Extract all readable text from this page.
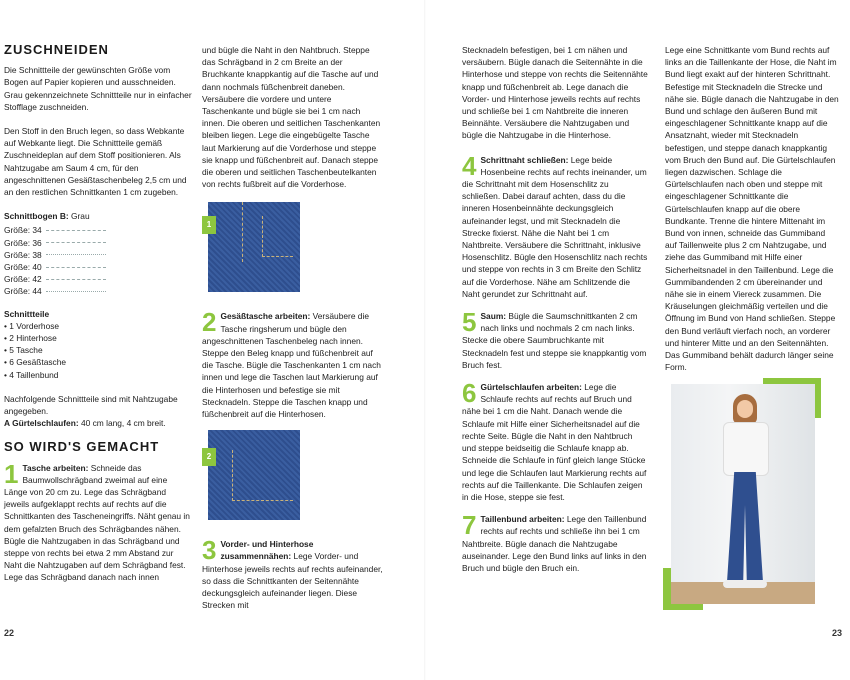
ZUSCHNEIDEN

Die Schnittteile der gewünschten Größe vom Bogen auf Papier kopieren und ausschneiden. Grau gekennzeichnete Schnittteile nur in einfacher Stofflage zuschneiden.

Den Stoff in den Bruch legen, so dass Webkante auf Webkante liegt. Die Schnittteile gemäß Zuschneideplan auf dem Stoff positionieren. Als Nahtzugabe am Saum 4 cm, für den angeschnittenen Gesäßtaschenbeleg 2,5 cm und an den restlichen Schnittkanten 1 cm zugeben.

Schnittbogen B: Grau
Größe: 34
Größe: 36
Größe: 38
Größe: 40
Größe: 42
Größe: 44
Schnittteile
• 1 Vorderhose
• 2 Hinterhose
• 5 Tasche
• 6 Gesäßtasche
• 4 Taillenbund
Nachfolgende Schnittteile sind mit Nahtzugabe angegeben.

A Gürtelschlaufen: 40 cm lang, 4 cm breit.

SO WIRD'S GEMACHT
1 Tasche arbeiten: Schneide das Baumwollschrägband zweimal auf eine Länge von 20 cm zu. Lege das Schrägband jeweils aufgeklappt rechts auf rechts auf die Schnittkanten des Tascheneingriffs. Näht genau in dem gefalzten Bruch des Schrägbandes nähen. Bügle die Nahtzugaben in das Schrägband und steppe von rechts bei etwa 2 mm Abstand zur Naht die Nahtzugaben auf dem Schrägband fest. Lege das Schrägband danach nach innen

und bügle die Naht in den Nahtbruch. Steppe das Schrägband in 2 cm Breite an der Bruchkante knappkantig auf die Tasche auf und dann nochmals füßchenbreit daneben. Versäubere die vordere und untere Taschenkante und bügle sie bei 1 cm nach innen. Die oberen und seitlichen Taschenkanten bleiben liegen. Lege die eingebügelte Tasche laut Markierung auf die Vorderhose und steppe sie knapp und füßchenbreit auf. Danach steppe die oberen und seitlichen Taschenbeutelkanten von rechts fußbreit auf die Vorderhose.

1
2 Gesäßtasche arbeiten: Versäubere die Tasche ringsherum und bügle den angeschnittenen Taschenbeleg nach innen. Steppe den Beleg knapp und füßchenbreit auf die Tasche. Bügle die Taschenkanten 1 cm nach innen und lege die Taschen laut Markierung auf die Hinterhosen und befestige sie mit Stecknadeln. Steppe die Taschen knapp und füßchenbreit auf die Hinterhosen.
2
3 Vorder- und Hinterhose zusammennähen: Lege Vorder- und Hinterhose jeweils rechts auf rechts aufeinander, so dass die Schnittkanten der Seitennähte deckungsgleich aufeinander liegen. Diese Strecken mit

Stecknadeln befestigen, bei 1 cm nähen und versäubern. Bügle danach die Seitennähte in die Hinterhose und steppe von rechts die Seitennähte knapp und füßchenbreit ab. Lege danach die Vorder- und Hinterhose jeweils rechts auf rechts und schließe bei 1 cm Nahtbreite die inneren Beinnähte. Versäubere die Nahtzugaben und bügle die Nahtzugabe in die Hinterhose.

4 Schrittnaht schließen: Lege beide Hosenbeine rechts auf rechts ineinander, um die Schrittnaht mit dem Hosenschlitz zu schließen. Dabei darauf achten, dass du die inneren Hosenbeinnähte deckungsgleich aufeinander legst, und mit Stecknadeln die Strecke fixierst. Nähe die Naht bei 1 cm Nahtbreite. Versäubere die Schrittnaht, inklusive Hosenschlitz. Bügle den Hosenschlitz nach rechts und steppe von rechts in 3 cm Breite den Schlitz auf die Vorderhose. Nähe am Schlitzende die Naht gerundet zur Schrittnaht auf.
5 Saum: Bügle die Saumschnittkanten 2 cm nach links und nochmals 2 cm nach links. Stecke die obere Saumbruchkante mit Stecknadeln fest und steppe sie knappkantig vom Bruch fest.
6 Gürtelschlaufen arbeiten: Lege die Schlaufe rechts auf rechts auf Bruch und nähe bei 1 cm die Naht. Danach wende die Schlaufe mit Hilfe einer Sicherheitsnadel auf die rechte Seite. Bügle die Naht in den Nahtbruch und steppe beidseitig die Schlaufe knapp ab. Schneide die Schlaufe in fünf gleich lange Stücke und lege die Schlaufen laut Markierung rechts auf rechts auf die Taillenkante. Die Schlaufen zeigen in die Hose, steppe sie fest.
7 Taillenbund arbeiten: Lege den Taillenbund rechts auf rechts und schließe ihn bei 1 cm Nahtbreite. Bügle danach die Nahtzugabe auseinander. Lege den Bund links auf links in den Bruch und bügle den Bruch ein.

Lege eine Schnittkante vom Bund rechts auf links an die Taillenkante der Hose, die Naht im Bund liegt exakt auf der hinteren Schrittnaht. Befestige mit Stecknadeln die Strecke und nähe sie. Bügle danach die Nahtzugabe in den Bund und schlage den äußeren Bund mit eingeschlagener Schnittkante knapp auf die Ansatznaht, wieder mit Stecknadeln befestigen, und steppe danach knappkantig vom Bruch den Bund auf. Die Gürtelschlaufen liegen dazwischen. Schlage die Gürtelschlaufen nach oben und steppe mit eingeschlagener Schnittkante die Gürtelschlaufen knapp auf die obere Bundkante. Trenne die hintere Mittenaht im Bund von innen, schneide das Gummiband auf Taillenweite plus 2 cm Nahtzugabe, und ziehe das Gummiband mit Hilfe einer Sicherheitsnadel in den Taillenbund. Lege die Gummibandenden 2 cm übereinander und nähe sie in einem Viereck zusammen. Die Kräuselungen gleichmäßig verteilen und die Öffnung im Bund von Hand schließen. Steppe den Bund verläuft vierfach noch, an vorderer und hinterer Mitte und an den Seitennähten. Das Gummiband behält dadurch länger seine Form.

22	23
